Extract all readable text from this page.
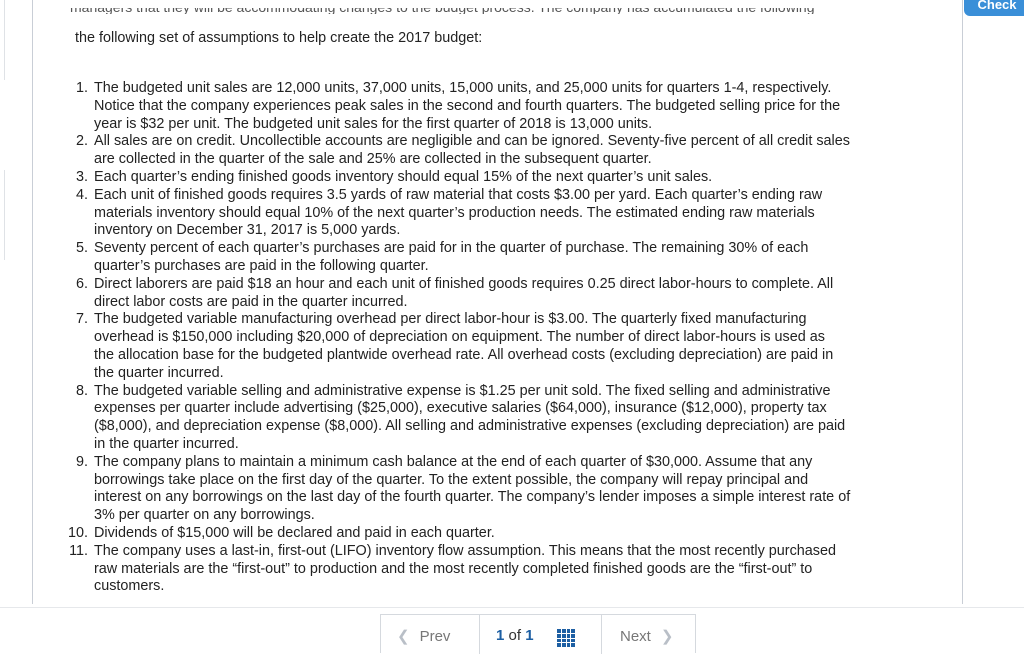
Check
the following set of assumptions to help create the 2017 budget:
1. The budgeted unit sales are 12,000 units, 37,000 units, 15,000 units, and 25,000 units for quarters 1-4, respectively.
Notice that the company experiences peak sales in the second and fourth quarters. The budgeted selling price for the
year is $32 per unit. The budgeted unit sales for the first quarter of 2018 is 13,000 units.
2. All sales are on credit. Uncollectible accounts are negligible and can be ignored. Seventy-five percent of all credit sales
are collected in the quarter of the sale and 25% are collected in the subsequent quarter.
3. Each quarter’s ending finished goods inventory should equal 15% of the next quarter’s unit sales.
4. Each unit of finished goods requires 3.5 yards of raw material that costs $3.00 per yard. Each quarter’s ending raw
materials inventory should equal 10% of the next quarter’s production needs. The estimated ending raw materials
inventory on December 31, 2017 is 5,000 yards.
5. Seventy percent of each quarter’s purchases are paid for in the quarter of purchase. The remaining 30% of each
quarter’s purchases are paid in the following quarter.
6. Direct laborers are paid $18 an hour and each unit of finished goods requires 0.25 direct labor-hours to complete. All
direct labor costs are paid in the quarter incurred.
7. The budgeted variable manufacturing overhead per direct labor-hour is $3.00. The quarterly fixed manufacturing
overhead is $150,000 including $20,000 of depreciation on equipment. The number of direct labor-hours is used as
the allocation base for the budgeted plantwide overhead rate. All overhead costs (excluding depreciation) are paid in
the quarter incurred.
8. The budgeted variable selling and administrative expense is $1.25 per unit sold. The fixed selling and administrative
expenses per quarter include advertising ($25,000), executive salaries ($64,000), insurance ($12,000), property tax
($8,000), and depreciation expense ($8,000). All selling and administrative expenses (excluding depreciation) are paid
in the quarter incurred.
9. The company plans to maintain a minimum cash balance at the end of each quarter of $30,000. Assume that any
borrowings take place on the first day of the quarter. To the extent possible, the company will repay principal and
interest on any borrowings on the last day of the fourth quarter. The company’s lender imposes a simple interest rate of
3% per quarter on any borrowings.
10. Dividends of $15,000 will be declared and paid in each quarter.
11. The company uses a last-in, first-out (LIFO) inventory flow assumption. This means that the most recently purchased
raw materials are the “first-out” to production and the most recently completed finished goods are the “first-out” to
customers.
❮ Prev	1 of 1	Next ❯
